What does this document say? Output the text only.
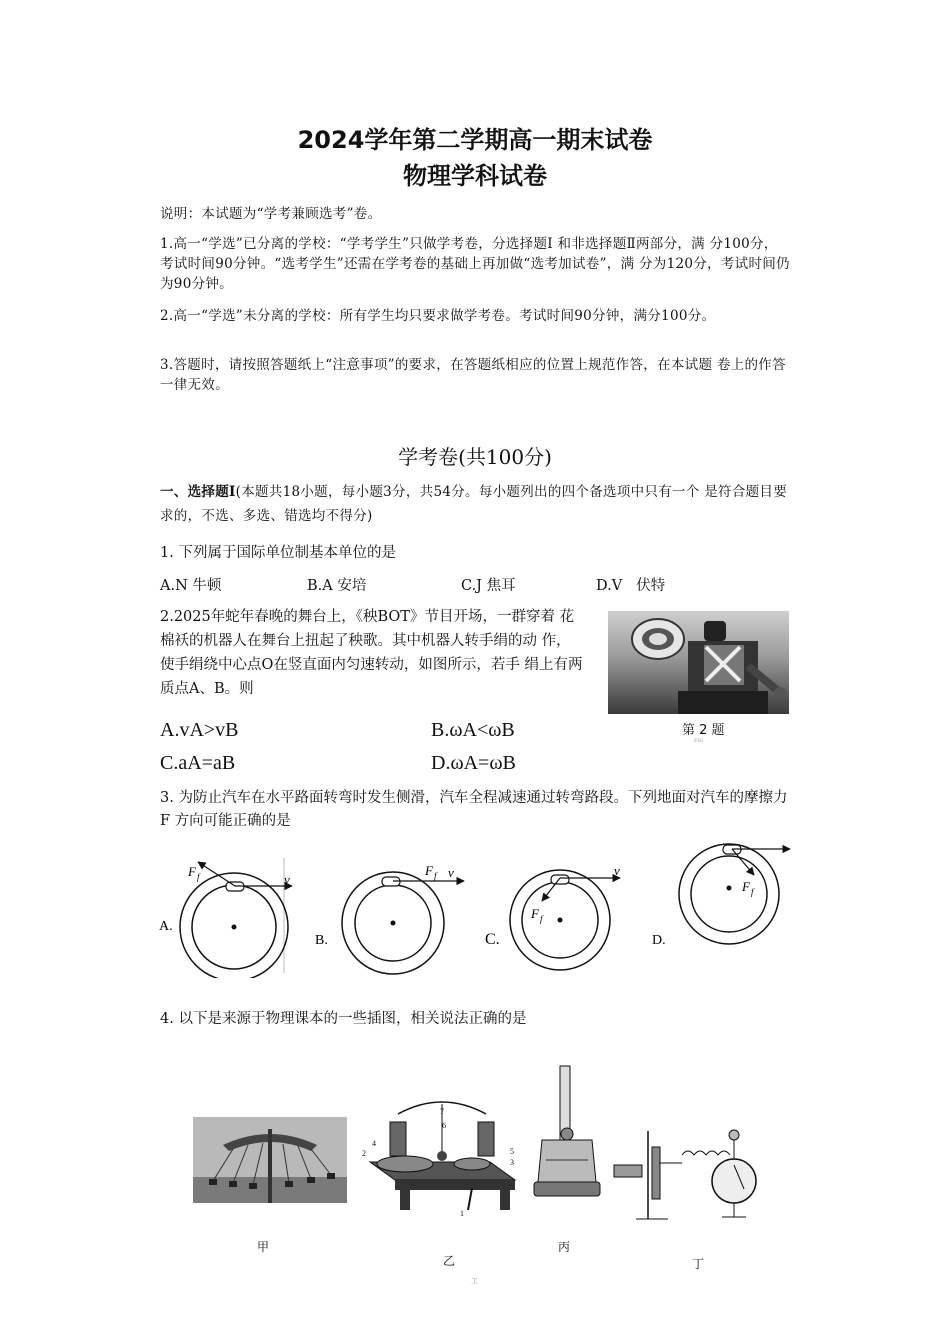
2024学年第二学期高一期末试卷
物理学科试卷
说明：本试题为“学考兼顾选考”卷。
1.高一“学选”已分离的学校：“学考学生”只做学考卷，分选择题Ⅰ 和非选择题Ⅱ两部分，满 分100分，考试时间90分钟。“选考学生”还需在学考卷的基础上再加做“选考加试卷”，满 分为120分，考试时间仍为90分钟。
2.高一“学选”未分离的学校：所有学生均只要求做学考卷。考试时间90分钟，满分100分。
3.答题时，请按照答题纸上“注意事项”的要求，在答题纸相应的位置上规范作答，在本试题 卷上的作答一律无效。
学考卷(共100分)
一、选择题Ⅰ(本题共18小题，每小题3分，共54分。每小题列出的四个备选项中只有一个 是符合题目要求的，不选、多选、错选均不得分)
1. 下列属于国际单位制基本单位的是
A.N 牛顿	B.A 安培	C.J 焦耳	D.V 伏特
2.2025年蛇年春晚的舞台上，《秧BOT》节目开场，一群穿着 花棉袄的机器人在舞台上扭起了秧歌。其中机器人转手绢的动 作，使手绢绕中心点O在竖直面内匀速转动，如图所示，若手 绢上有两质点A、B。则
A.vA>vB	B.ωA<ωB
C.aA=aB	D.ωA=ωB
第 2 题
FIG
3. 为防止汽车在水平路面转弯时发生侧滑，汽车全程减速通过转弯路段。下列地面对汽车的摩擦力F 方向可能正确的是
F f	v
A.
F f v
B.
F f
v
C.
F f
D.
4. 以下是来源于物理课本的一些插图，相关说法正确的是
1
2
3
4
5
6
7
甲
乙
丙
丁
工
